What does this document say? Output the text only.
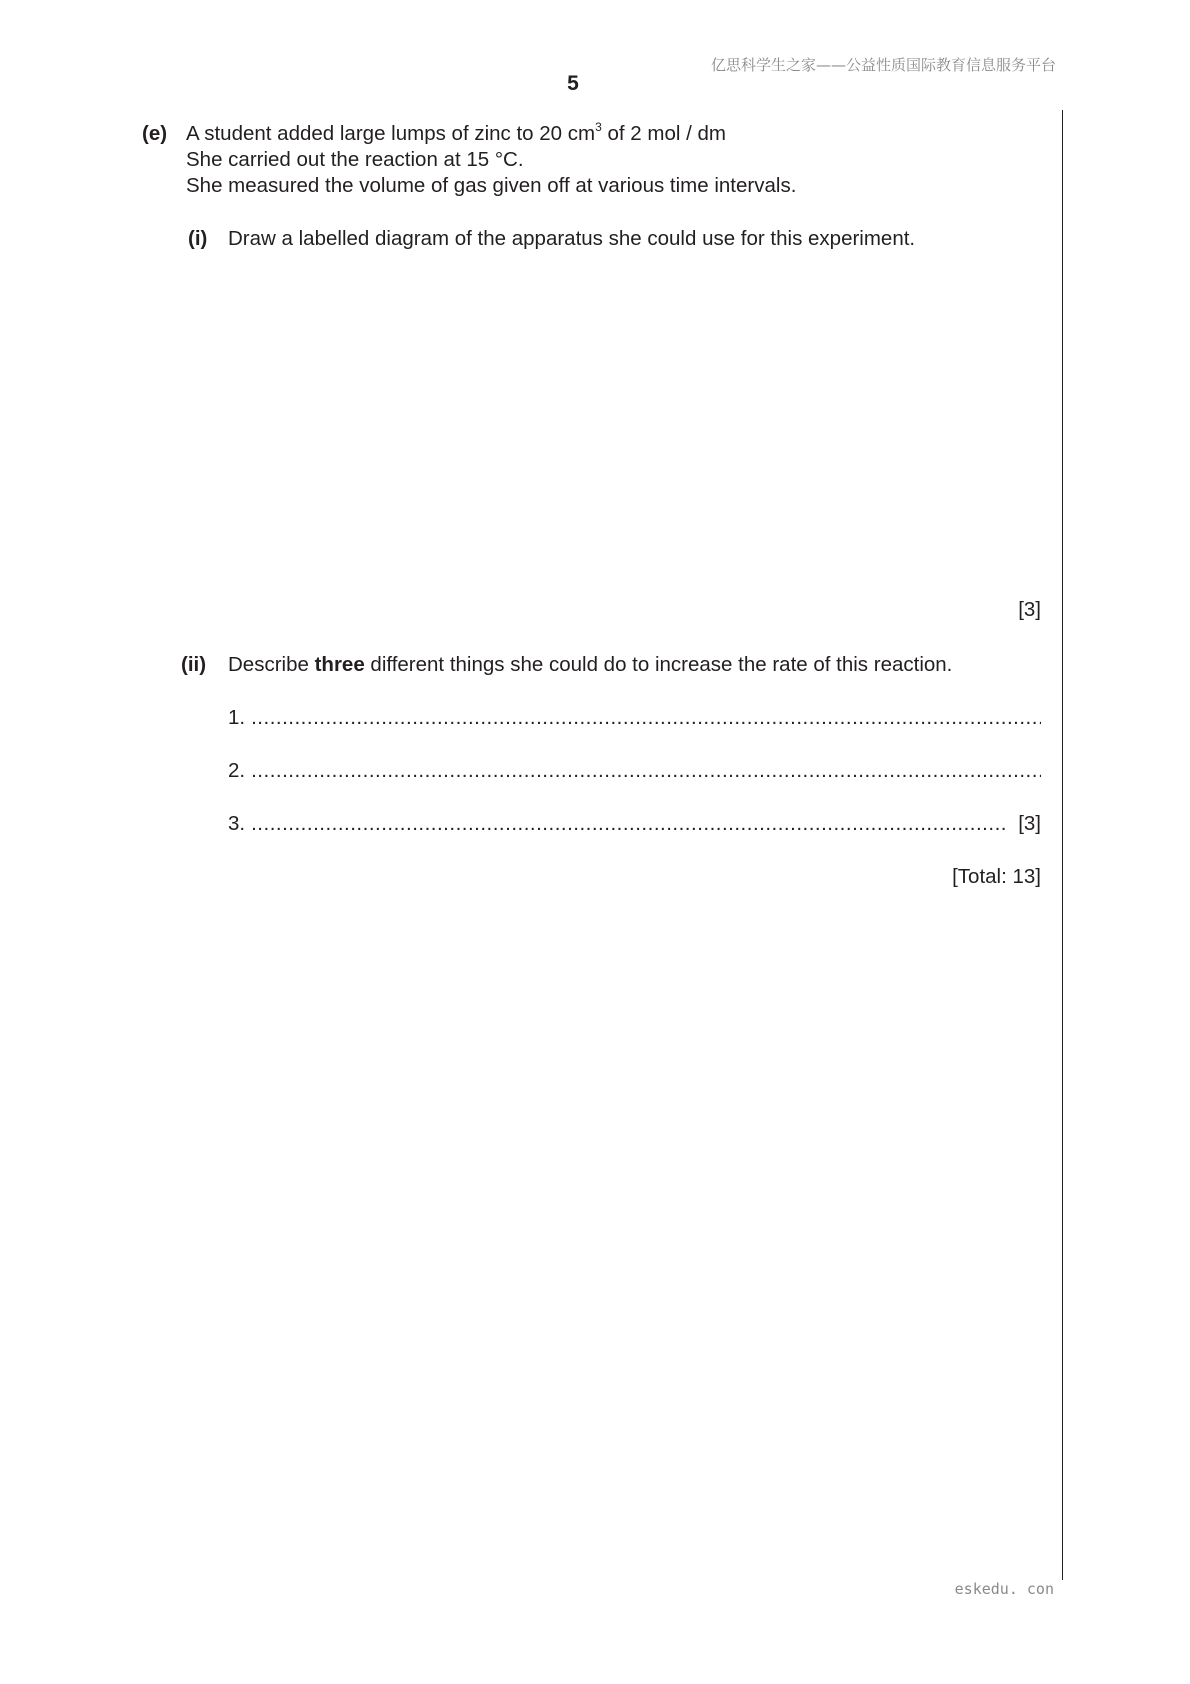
亿思科学生之家——公益性质国际教育信息服务平台
5
(e) A student added large lumps of zinc to 20 $cm^3$ of 2 mol / dm
She carried out the reaction at 15 °C.
She measured the volume of gas given off at various time intervals.
(i) Draw a labelled diagram of the apparatus she could use for this experiment.
[3]
(ii) Describe three different things she could do to increase the rate of this reaction.
1.
.....
2.
.....
3.
.....	[3]
[Total: 13]
eskedu. con
